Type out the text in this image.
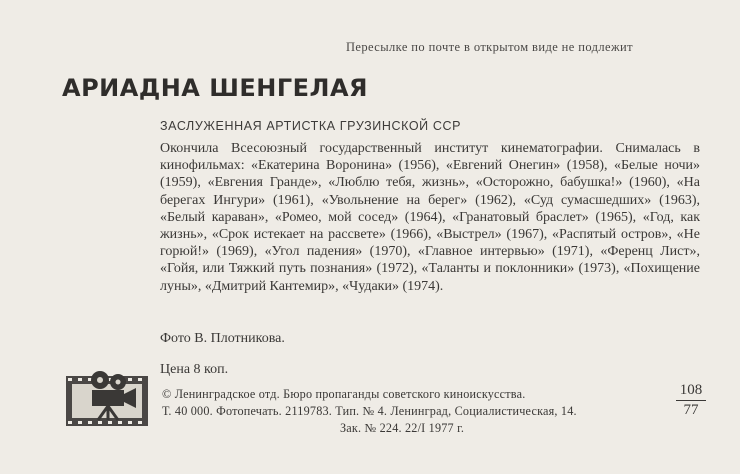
Пересылке по почте в открытом виде не подлежит
АРИАДНА ШЕНГЕЛАЯ
ЗАСЛУЖЕННАЯ АРТИСТКА ГРУЗИНСКОЙ ССР
Окончила Всесоюзный государственный институт кинематографии. Снималась в кинофильмах: «Екатерина Воронина» (1956), «Евгений Онегин» (1958), «Белые ночи» (1959), «Евгения Гранде», «Люблю тебя, жизнь», «Осторожно, бабушка!» (1960), «На берегах Ингури» (1961), «Увольнение на берег» (1962), «Суд сумасшедших» (1963), «Белый караван», «Ромео, мой сосед» (1964), «Гранатовый браслет» (1965), «Год, как жизнь», «Срок истекает на рассвете» (1966), «Выстрел» (1967), «Распятый остров», «Не горюй!» (1969), «Угол падения» (1970), «Главное интервью» (1971), «Ференц Лист», «Гойя, или Тяжкий путь познания» (1972), «Таланты и поклонники» (1973), «Похищение луны», «Дмитрий Кантемир», «Чудаки» (1974).
Фото В. Плотникова.
Цена 8 коп.
© Ленинградское отд. Бюро пропаганды советского киноискусства.
Т. 40 000. Фотопечать. 2119783. Тип. № 4. Ленинград, Социалистическая, 14.
Зак. № 224. 22/I 1977 г.
$\frac{108}{77}$
